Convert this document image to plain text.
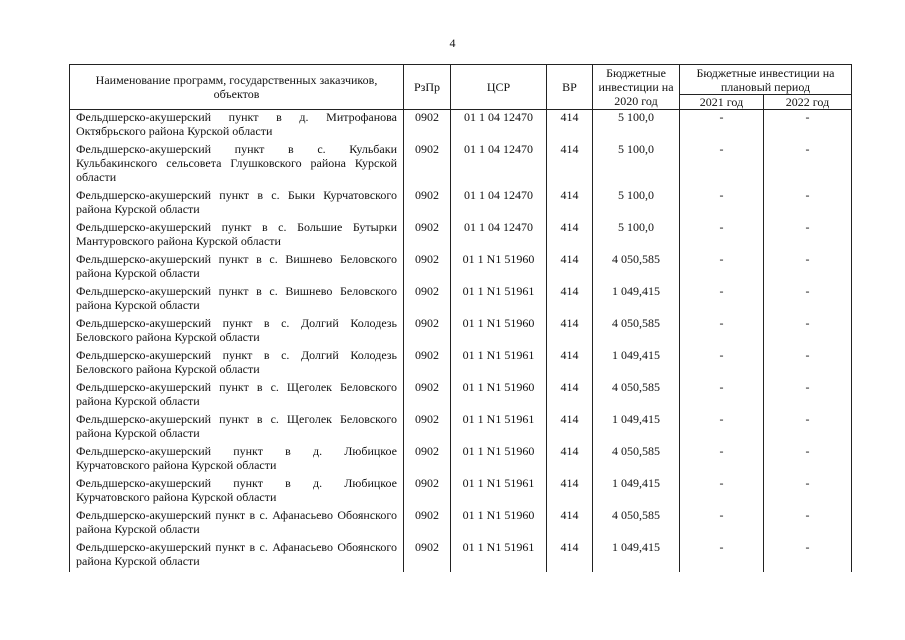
4
Наименование программ, государственных заказчиков, объектов	РзПр	ЦСР	ВР	Бюджетные инвестиции на 2020 год	Бюджетные инвестиции на плановый период	
					2021 год	2022 год
Фельдшерско-акушерский пункт в д. Митрофанова Октябрьского района Курской области	0902	01 1 04 12470	414	5 100,0	-	-
Фельдшерско-акушерский пункт в с. Кульбаки Кульбакинского сельсовета Глушковского района Курской области	0902	01 1 04 12470	414	5 100,0	-	-
Фельдшерско-акушерский пункт в с. Быки Курчатовского района Курской области	0902	01 1 04 12470	414	5 100,0	-	-
Фельдшерско-акушерский пункт в с. Большие Бутырки Мантуровского района Курской области	0902	01 1 04 12470	414	5 100,0	-	-
Фельдшерско-акушерский пункт в с. Вишнево Беловского района Курской области	0902	01 1 N1 51960	414	4 050,585	-	-
Фельдшерско-акушерский пункт в с. Вишнево Беловского района Курской области	0902	01 1 N1 51961	414	1 049,415	-	-
Фельдшерско-акушерский пункт в с. Долгий Колодезь Беловского района Курской области	0902	01 1 N1 51960	414	4 050,585	-	-
Фельдшерско-акушерский пункт в с. Долгий Колодезь Беловского района Курской области	0902	01 1 N1 51961	414	1 049,415	-	-
Фельдшерско-акушерский пункт в с. Щеголек Беловского района Курской области	0902	01 1 N1 51960	414	4 050,585	-	-
Фельдшерско-акушерский пункт в с. Щеголек Беловского района Курской области	0902	01 1 N1 51961	414	1 049,415	-	-
Фельдшерско-акушерский пункт в д. Любицкое Курчатовского района Курской области	0902	01 1 N1 51960	414	4 050,585	-	-
Фельдшерско-акушерский пункт в д. Любицкое Курчатовского района Курской области	0902	01 1 N1 51961	414	1 049,415	-	-
Фельдшерско-акушерский пункт в с. Афанасьево Обоянского района Курской области	0902	01 1 N1 51960	414	4 050,585	-	-
Фельдшерско-акушерский пункт в с. Афанасьево Обоянского района Курской области	0902	01 1 N1 51961	414	1 049,415	-	-
